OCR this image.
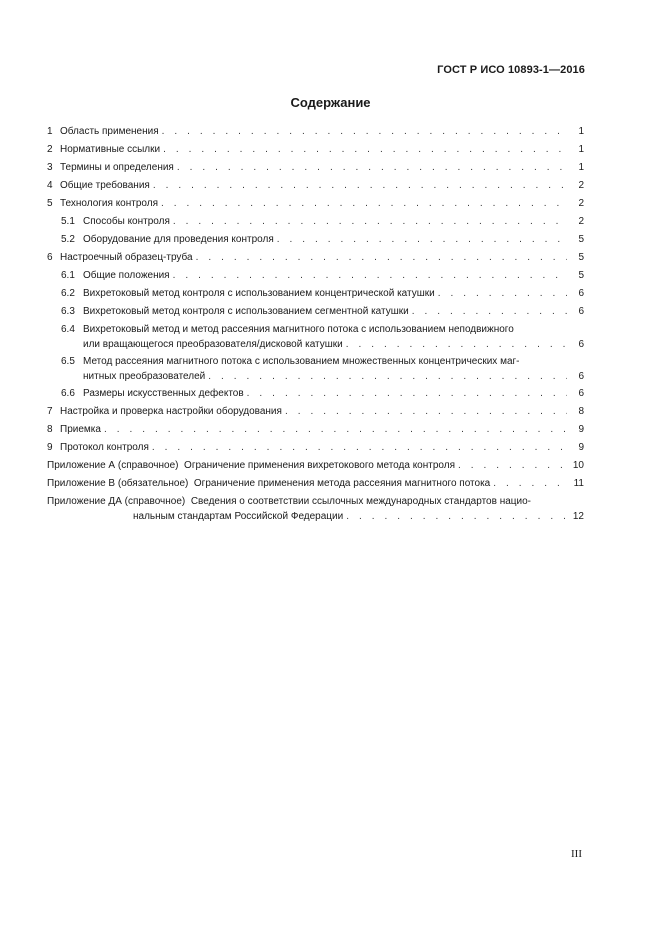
ГОСТ Р ИСО 10893-1—2016
Содержание
1 Область применения . . .	1
2 Нормативные ссылки . . .	1
3 Термины и определения . . .	1
4 Общие требования . . .	2
5 Технология контроля . . .	2
5.1 Способы контроля . . .	2
5.2 Оборудование для проведения контроля . . .	5
6 Настроечный образец-труба . . .	5
6.1 Общие положения . . .	5
6.2 Вихретоковый метод контроля с использованием концентрической катушки . . .	6
6.3 Вихретоковый метод контроля с использованием сегментной катушки . . .	6
6.4 Вихретоковый метод и метод рассеяния магнитного потока с использованием неподвижного
или вращающегося преобразователя/дисковой катушки . . .	6
6.5 Метод рассеяния магнитного потока с использованием множественных концентрических маг-
нитных преобразователей . . .	6
6.6 Размеры искусственных дефектов . . .	6
7 Настройка и проверка настройки оборудования . . .	8
8 Приемка . . .	9
9 Протокол контроля . . .	9
Приложение А (справочное) Ограничение применения вихретокового метода контроля . . .	10
Приложение В (обязательное) Ограничение применения метода рассеяния магнитного потока . . .	11
Приложение ДА (справочное) Сведения о соответствии ссылочных международных стандартов нацио-
нальным стандартам Российской Федерации . . .	12
III
